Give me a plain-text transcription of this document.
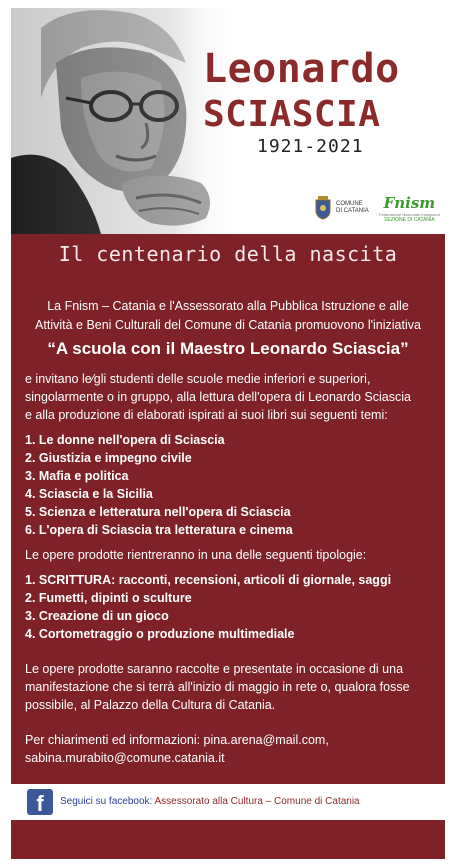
Leonardo
SCIASCIA
1921-2021
COMUNE
DI CATANIA Fnism
Federazione Nazionale Insegnanti
SEZIONE DI CATANIA
Il centenario della nascita
La Fnism – Catania e l'Assessorato alla Pubblica Istruzione e alle
Attività e Beni Culturali del Comune di Catania promuovono l'iniziativa
“A scuola con il Maestro Leonardo Sciascia”
e invitano le⁄gli studenti delle scuole medie inferiori e superiori,
singolarmente o in gruppo, alla lettura dell'opera di Leonardo Sciascia
e alla produzione di elaborati ispirati ai suoi libri sui seguenti temi:
1. Le donne nell'opera di Sciascia
2. Giustizia e impegno civile
3. Mafia e politica
4. Sciascia e la Sicilia
5. Scienza e letteratura nell'opera di Sciascia
6. L'opera di Sciascia tra letteratura e cinema
Le opere prodotte rientreranno in una delle seguenti tipologie:
1. SCRITTURA: racconti, recensioni, articoli di giornale, saggi
2. Fumetti, dipinti o sculture
3. Creazione di un gioco
4. Cortometraggio o produzione multimediale
Le opere prodotte saranno raccolte e presentate in occasione di una
manifestazione che si terrà all'inizio di maggio in rete o, qualora fosse
possibile, al Palazzo della Cultura di Catania.
Per chiarimenti ed informazioni: pina.arena@mail.com,
sabina.murabito@comune.catania.it
f	Seguici su facebook: Assessorato alla Cultura – Comune di Catania
